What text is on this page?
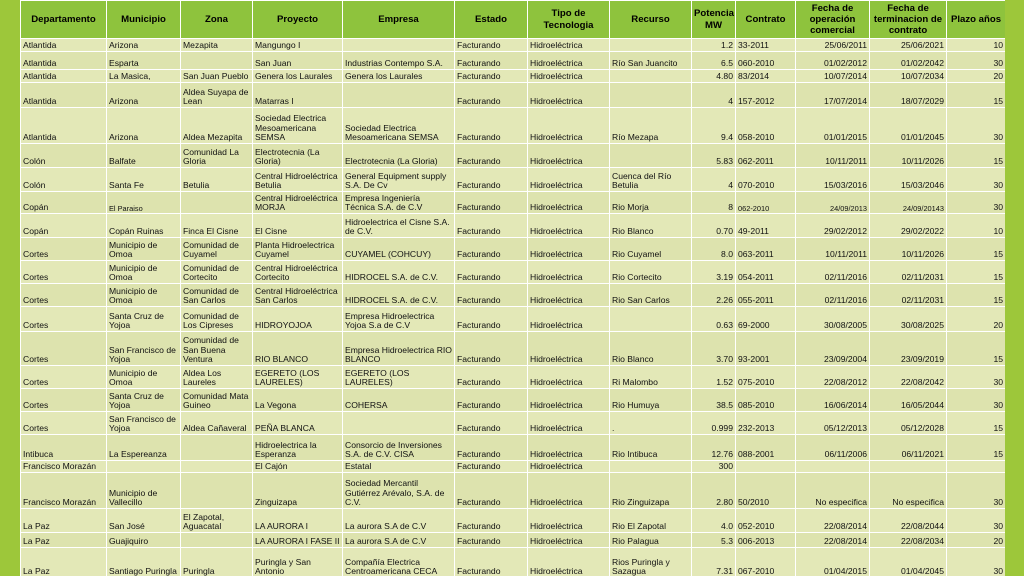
Departamento	Municipio	Zona	Proyecto	Empresa	Estado	Tipo de Tecnologia	Recurso	Potencia MW	Contrato	Fecha de operación comercial	Fecha de terminacion de contrato	Plazo años
Atlantida	Arizona	Mezapita	Mangungo I		Facturando	Hidroeléctrica		1.2	33-2011	25/06/2011	25/06/2021	10
Atlantida	Esparta		San Juan	Industrias Contempo S.A.	Facturando	Hidroeléctrica	Río San Juancito	6.5	060-2010	01/02/2012	01/02/2042	30
Atlantida	La Masica,	San Juan Pueblo	Genera los Laurales	Genera los Laurales	Facturando	Hidroeléctrica		4.80	83/2014	10/07/2014	10/07/2034	20
Atlantida	Arizona	Aldea Suyapa de Lean	Matarras I		Facturando	Hidroeléctrica		4	157-2012	17/07/2014	18/07/2029	15
Atlantida	Arizona	Aldea Mezapita	Sociedad Electrica Mesoamericana SEMSA	Sociedad Electrica Mesoamericana SEMSA	Facturando	Hidroeléctrica	Río Mezapa	9.4	058-2010	01/01/2015	01/01/2045	30
Colón	Balfate	Comunidad La Gloria	Electrotecnia (La Gloria)	Electrotecnia (La Gloria)	Facturando	Hidroeléctrica		5.83	062-2011	10/11/2011	10/11/2026	15
Colón	Santa Fe	Betulia	Central Hidroeléctrica Betulia	General Equipment supply S.A. De Cv	Facturando	Hidroeléctrica	Cuenca del Río Betulia	4	070-2010	15/03/2016	15/03/2046	30
Copán	El Paraiso		Central Hidroeléctrica MORJA	Empresa Ingeniería Técnica S.A. de C.V	Facturando	Hidroeléctrica	Rio Morja	8	062-2010	24/09/2013	24/09/20143	30
Copán	Copán Ruinas	Finca El Cisne	El Cisne	Hidroelectrica el Cisne S.A. de C.V.	Facturando	Hidroeléctrica	Rio Blanco	0.70	49-2011	29/02/2012	29/02/2022	10
Cortes	Municipio de Omoa	Comunidad de Cuyamel	Planta Hidroelectrica Cuyamel	CUYAMEL (COHCUY)	Facturando	Hidroeléctrica	Rio Cuyamel	8.0	063-2011	10/11/2011	10/11/2026	15
Cortes	Municipio de Omoa	Comunidad de Cortecito	Central Hidroeléctrica Cortecito	HIDROCEL S.A. de C.V.	Facturando	Hidroeléctrica	Rio Cortecito	3.19	054-2011	02/11/2016	02/11/2031	15
Cortes	Municipio de Omoa	Comunidad de San Carlos	Central Hidroeléctrica San Carlos	HIDROCEL S.A. de C.V.	Facturando	Hidroeléctrica	Rio San Carlos	2.26	055-2011	02/11/2016	02/11/2031	15
Cortes	Santa Cruz de Yojoa	Comunidad de Los Cipreses	HIDROYOJOA	Empresa Hidroelectrica Yojoa S.a de C.V	Facturando	Hidroeléctrica		0.63	69-2000	30/08/2005	30/08/2025	20
Cortes	San Francisco de Yojoa	Comunidad de San Buena Ventura	RIO BLANCO	Empresa Hidroelectrica RIO BLANCO	Facturando	Hidroeléctrica	Rio Blanco	3.70	93-2001	23/09/2004	23/09/2019	15
Cortes	Municipio de Omoa	Aldea Los Laureles	EGERETO (LOS LAURELES)	EGERETO (LOS LAURELES)	Facturando	Hidroeléctrica	Ri Malombo	1.52	075-2010	22/08/2012	22/08/2042	30
Cortes	Santa Cruz de Yojoa	Comunidad Mata Guineo	La Vegona	COHERSA	Facturando	Hidroeléctrica	Rio Humuya	38.5	085-2010	16/06/2014	16/05/2044	30
Cortes	San Francisco de Yojoa	Aldea Cañaveral	PEÑA BLANCA		Facturando	Hidroeléctrica	.	0.999	232-2013	05/12/2013	05/12/2028	15
Intibuca	La Espereanza		Hidroelectrica la Esperanza	Consorcio de Inversiones S.A. de C.V. CISA	Facturando	Hidroeléctrica	Rio Intibuca	12.76	088-2001	06/11/2006	06/11/2021	15
Francisco Morazán			El Cajón	Estatal	Facturando	Hidroeléctrica		300				
Francisco Morazán	Municipio de Vallecillo		Zinguizapa	Sociedad Mercantil Gutiérrez Arévalo, S.A. de C.V.	Facturando	Hidroeléctrica	Rio Zinguizapa	2.80	50/2010	No especifica	No especifica	30
La Paz	San José	El Zapotal, Aguacatal	LA AURORA I	La aurora S.A de C.V	Facturando	Hidroeléctrica	Rio El Zapotal	4.0	052-2010	22/08/2014	22/08/2044	30
La Paz	Guajiquiro		LA AURORA I FASE II	La aurora S.A de C.V	Facturando	Hidroeléctrica	Rio Palagua	5.3	006-2013	22/08/2014	22/08/2034	20
La Paz	Santiago Puringla	Puringla	Puringla y San Antonio	Compañía Electrica Centroamericana CECA	Facturando	Hidroeléctrica	Rios Puringla y Sazagua	7.31	067-2010	01/04/2015	01/04/2045	30
